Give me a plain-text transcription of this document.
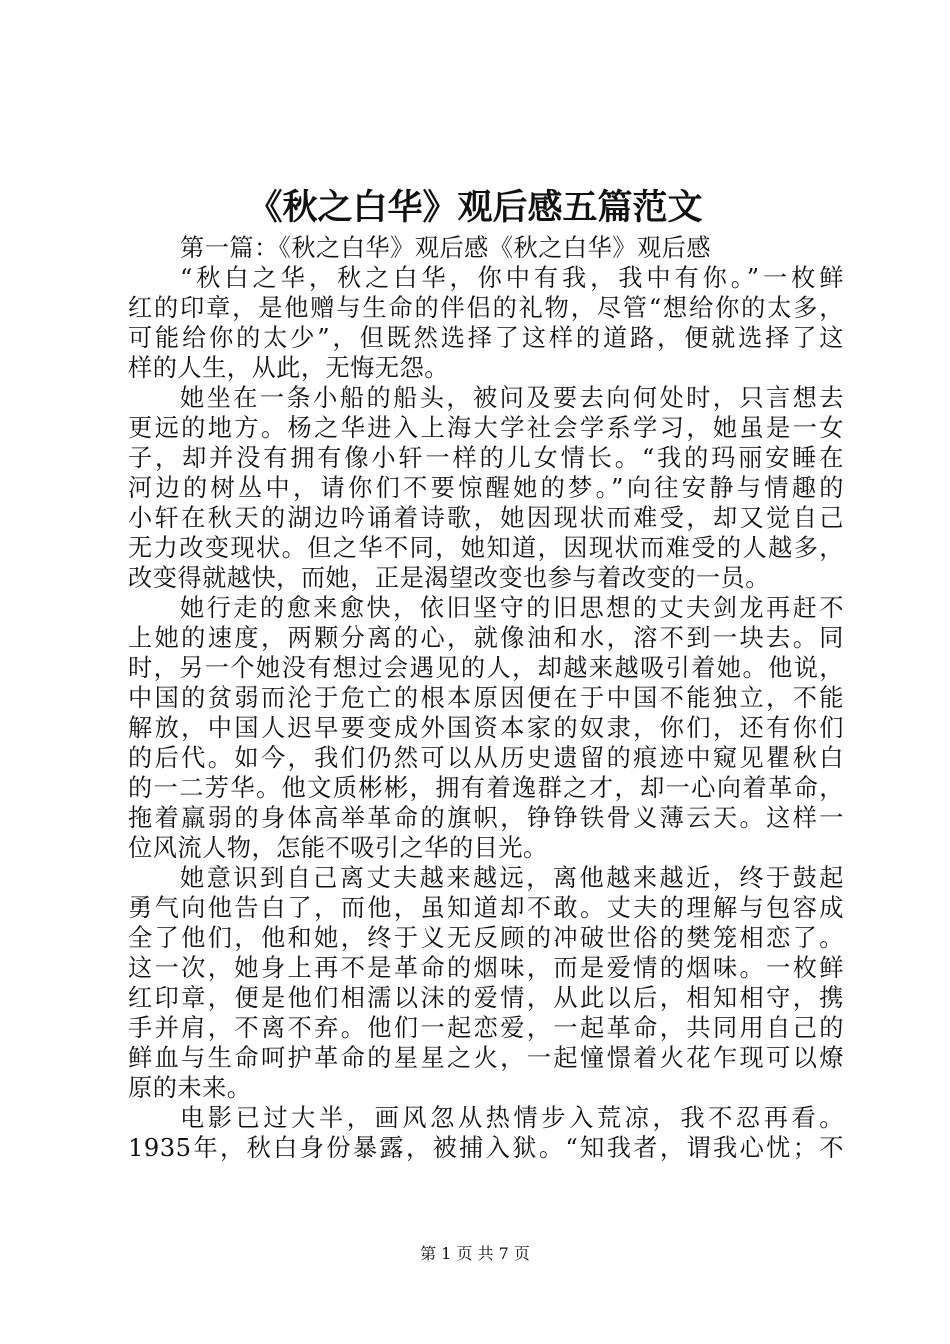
《秋之白华》观后感五篇范文
第一篇：《秋之白华》观后感《秋之白华》观后感
“秋白之华，秋之白华，你中有我，我中有你。”一枚鲜
红的印章，是他赠与生命的伴侣的礼物，尽管“想给你的太多，
可能给你的太少”，但既然选择了这样的道路，便就选择了这
样的人生，从此，无悔无怨。
她坐在一条小船的船头，被问及要去向何处时，只言想去
更远的地方。杨之华进入上海大学社会学系学习，她虽是一女
子，却并没有拥有像小轩一样的儿女情长。“我的玛丽安睡在
河边的树丛中，请你们不要惊醒她的梦。”向往安静与情趣的
小轩在秋天的湖边吟诵着诗歌，她因现状而难受，却又觉自己
无力改变现状。但之华不同，她知道，因现状而难受的人越多，
改变得就越快，而她，正是渴望改变也参与着改变的一员。
她行走的愈来愈快，依旧坚守的旧思想的丈夫剑龙再赶不
上她的速度，两颗分离的心，就像油和水，溶不到一块去。同
时，另一个她没有想过会遇见的人，却越来越吸引着她。他说，
中国的贫弱而沦于危亡的根本原因便在于中国不能独立，不能
解放，中国人迟早要变成外国资本家的奴隶，你们，还有你们
的后代。如今，我们仍然可以从历史遗留的痕迹中窥见瞿秋白
的一二芳华。他文质彬彬，拥有着逸群之才，却一心向着革命，
拖着羸弱的身体高举革命的旗帜，铮铮铁骨义薄云天。这样一
位风流人物，怎能不吸引之华的目光。
她意识到自己离丈夫越来越远，离他越来越近，终于鼓起
勇气向他告白了，而他，虽知道却不敢。丈夫的理解与包容成
全了他们，他和她，终于义无反顾的冲破世俗的樊笼相恋了。
这一次，她身上再不是革命的烟味，而是爱情的烟味。一枚鲜
红印章，便是他们相濡以沫的爱情，从此以后，相知相守，携
手并肩，不离不弃。他们一起恋爱，一起革命，共同用自己的
鲜血与生命呵护革命的星星之火，一起憧憬着火花乍现可以燎
原的未来。
电影已过大半，画风忽从热情步入荒凉，我不忍再看。
1935年，秋白身份暴露，被捕入狱。“知我者，谓我心忧；不
第 1 页 共 7 页
